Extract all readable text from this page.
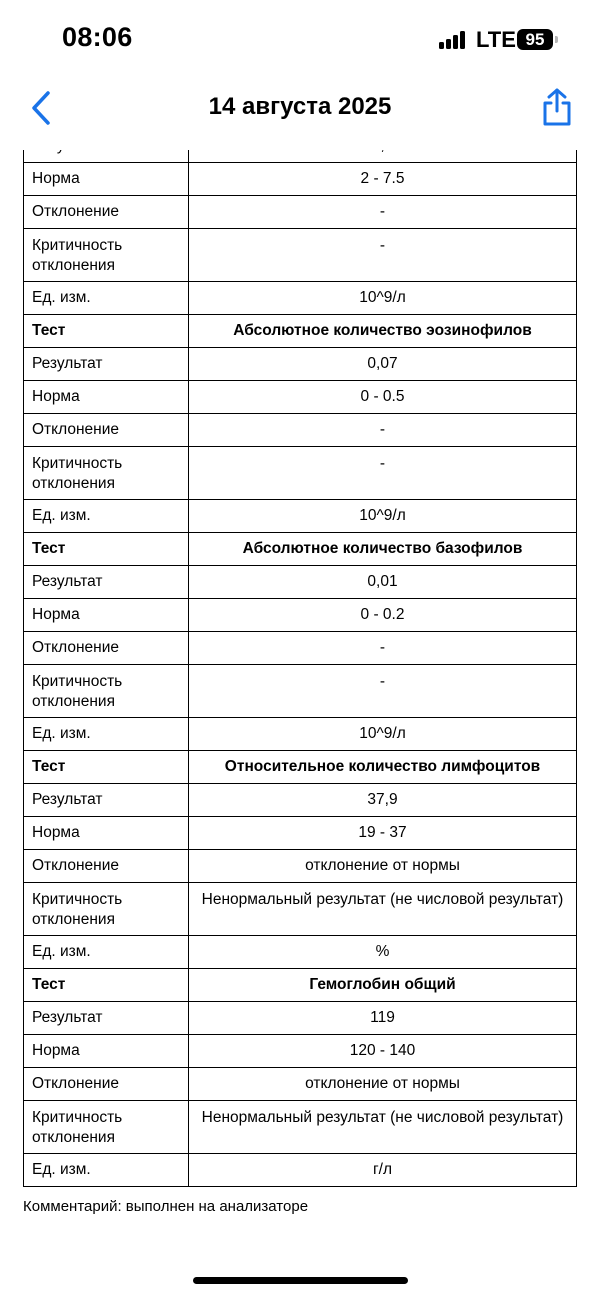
Норма	2 - 7.5
Отклонение	-
Критичность отклонения	-
Ед. изм.	10^9/л
Тест	Абсолютное количество эозинофилов
Результат	0,07
Норма	0 - 0.5
Отклонение	-
Критичность отклонения	-
Ед. изм.	10^9/л
Тест	Абсолютное количество базофилов
Результат	0,01
Норма	0 - 0.2
Отклонение	-
Критичность отклонения	-
Ед. изм.	10^9/л
Тест	Относительное количество лимфоцитов
Результат	37,9
Норма	19 - 37
Отклонение	отклонение от нормы
Критичность отклонения	Ненормальный результат (не числовой результат)
Ед. изм.	%
Тест	Гемоглобин общий
Результат	119
Норма	120 - 140
Отклонение	отклонение от нормы
Критичность отклонения	Ненормальный результат (не числовой результат)
Ед. изм.	г/л
Комментарий: выполнен на анализаторе
08:06	LTE 95
14 августа 2025
